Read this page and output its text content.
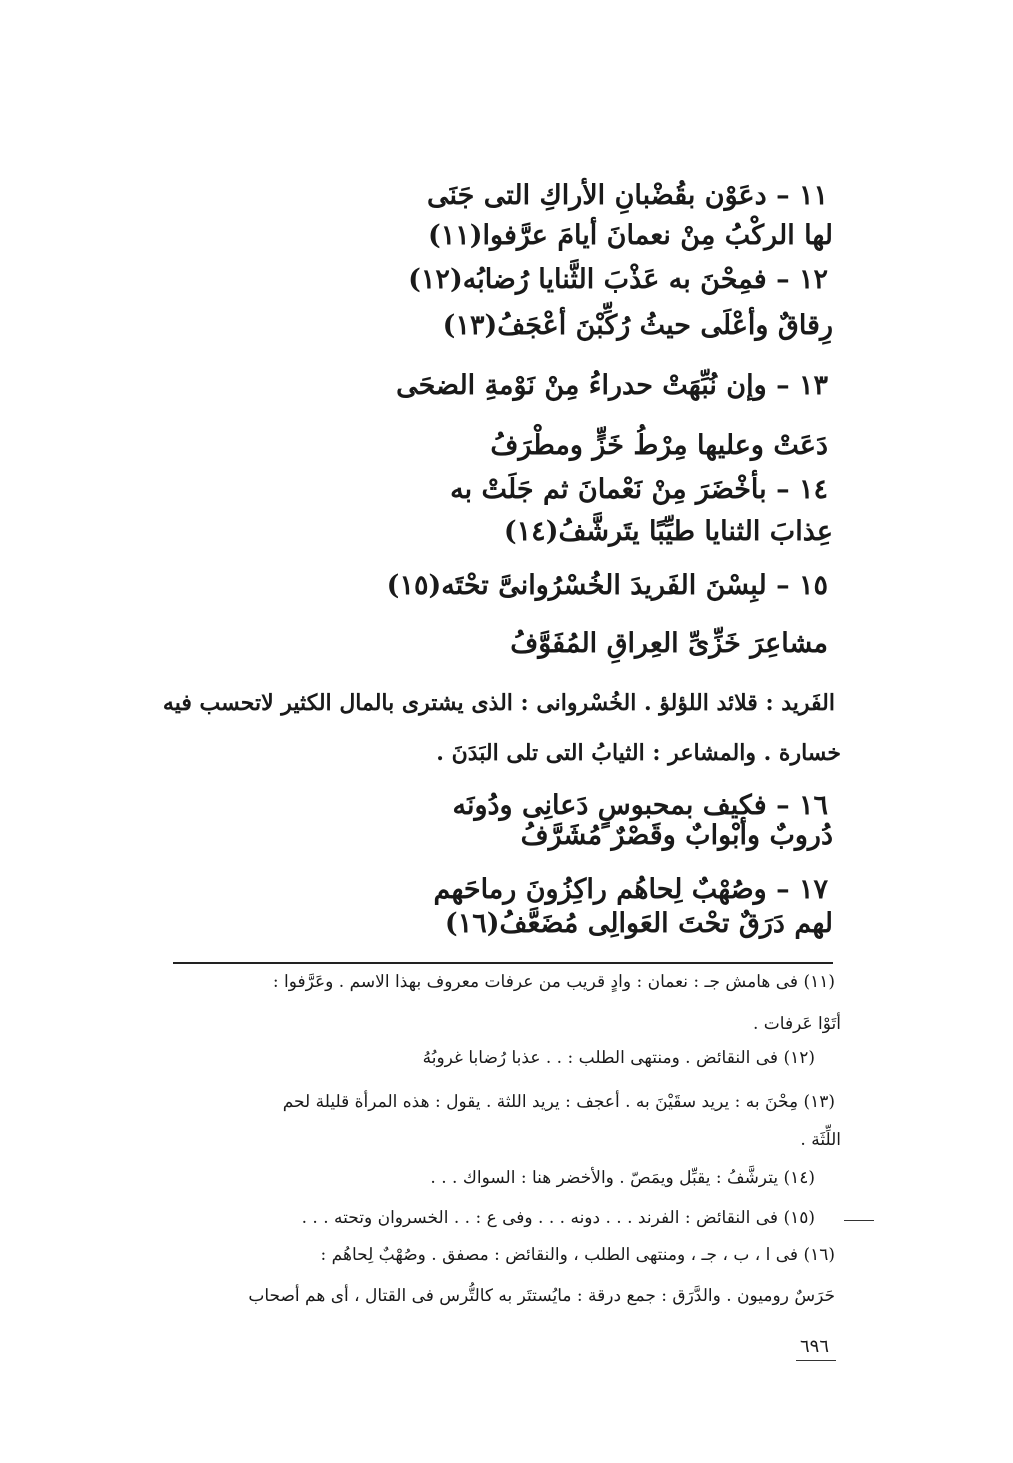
١١ – دعَوْن بقُضْبانِ الأراكِ التى جَنَى
لها الركْبُ مِنْ نعمانَ أيامَ عرَّفوا(١١)
١٢ – فمِحْنَ به عَذْبَ الثَّنايا رُضابُه(١٢)
رِقاقٌ وأعْلَى حيثُ رُكِّبْنَ أعْجَفُ(١٣)
١٣ – وإن نُبِّهَتْ حدراءُ مِنْ نَوْمةِ الضحَى
دَعَتْ وعليها مِرْطُ خَزٍّ ومطْرَفُ
١٤ – بأخْضَرَ مِنْ نَعْمانَ ثم جَلَتْ به
عِذابَ الثنايا طيِّبًا يتَرشَّفُ(١٤)
١٥ – لبِسْنَ الفَريدَ الخُسْرُوانىَّ تحْتَه(١٥)
مشاعِرَ خَزِّىِّ العِراقِ المُفَوَّفُ
الفَريد : قلائد اللؤلؤ . الخُسْروانى : الذى يشترى بالمال الكثير لاتحسب فيه
خسارة . والمشاعر : الثيابُ التى تلى البَدَنَ .
١٦ – فكيف بمحبوسٍ دَعانِى ودُونَه
دُروبٌ وأبْوابٌ وقَصْرٌ مُشَرَّفُ
١٧ – وصُهْبٌ لِحاهُم راكِزُونَ رماحَهم
لهم دَرَقٌ تحْتَ العَوالِى مُضَعَّفُ(١٦)
(١١) فى هامش جـ : نعمان : وادٍ قريب من عرفات معروف بهذا الاسم . وعَرَّفوا :
أتَوْا عَرفات .
(١٢) فى النقائض . ومنتهى الطلب : . . عذبا رُضابا غروبُهُ
(١٣) مِحْنَ به : يريد سقَيْنَ به . أعجف : يريد اللثة . يقول : هذه المرأة قليلة لحم
اللِّثَة .
(١٤) يترشَّفُ : يقبِّل ويمَصّ . والأخضر هنا : السواك . . .
(١٥) فى النقائض : الفرند . . . دونه . . . وفى ع : . . الخسروان وتحته . . .
(١٦) فى ا ، ب ، جـ ، ومنتهى الطلب ، والنقائض : مصفق . وصُهْبٌ لِحاهُم :
حَرَسٌ روميون . والدَّرَق : جمع درقة : مايُستتَر به كالتُّرس فى القتال ، أى هم أصحاب
٦٩٦
